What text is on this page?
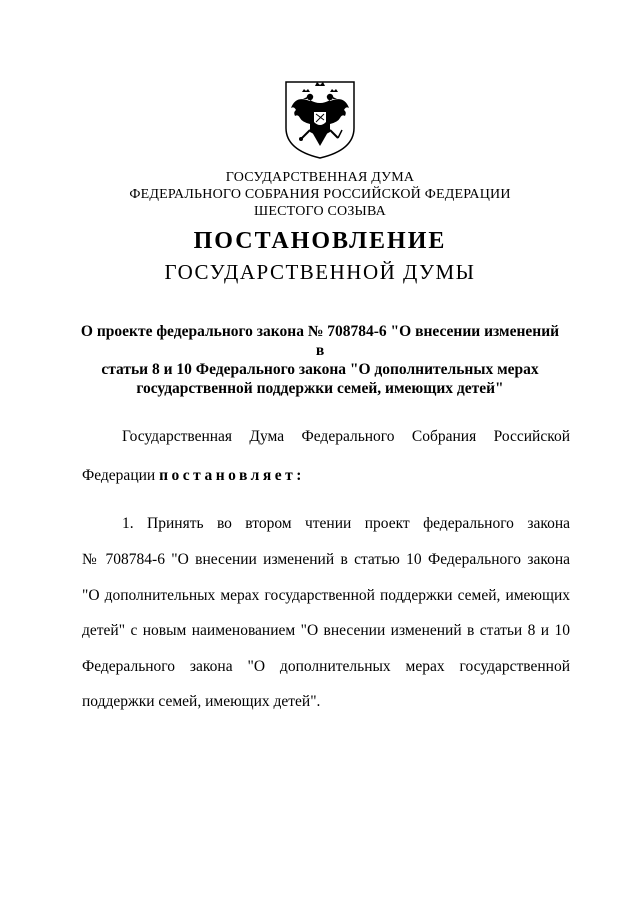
ГОСУДАРСТВЕННАЯ ДУМА
ФЕДЕРАЛЬНОГО СОБРАНИЯ РОССИЙСКОЙ ФЕДЕРАЦИИ
ШЕСТОГО СОЗЫВА
ПОСТАНОВЛЕНИЕ
ГОСУДАРСТВЕННОЙ ДУМЫ
О проекте федерального закона № 708784-6 "О внесении изменений в
статьи 8 и 10 Федерального закона "О дополнительных мерах
государственной поддержки семей, имеющих детей"
Государственная Дума Федерального Собрания Российской
Федерации постановляет:
1. Принять во втором чтении проект федерального закона
№ 708784-6 "О внесении изменений в статью 10 Федерального закона
"О дополнительных мерах государственной поддержки семей, имеющих
детей" с новым наименованием "О внесении изменений в статьи 8 и 10
Федерального закона "О дополнительных мерах государственной
поддержки семей, имеющих детей".
